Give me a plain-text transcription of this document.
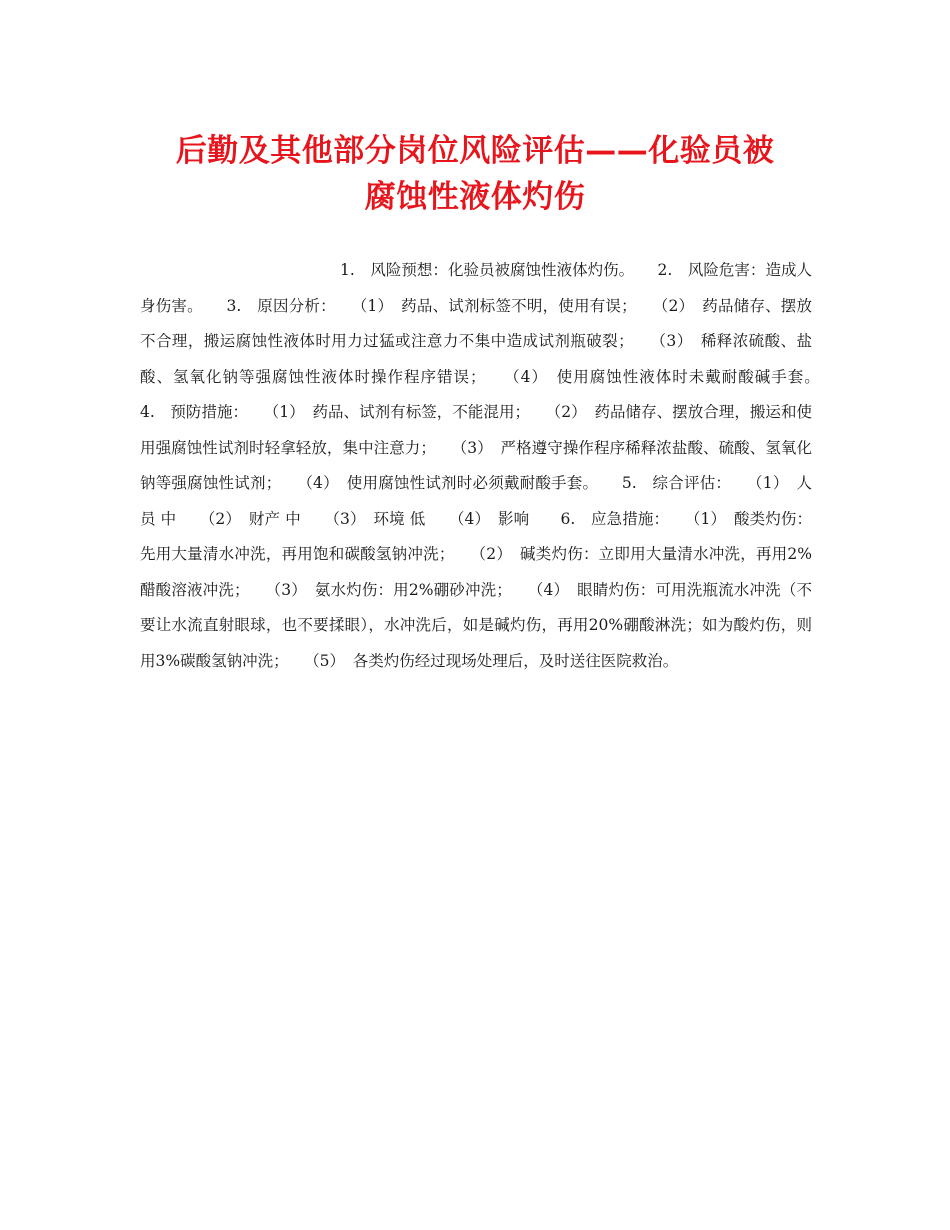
后勤及其他部分岗位风险评估——化验员被
腐蚀性液体灼伤

1.　风险预想：化验员被腐蚀性液体灼伤。　　2.　风险危害：造成人身伤害。　　3.　原因分析：　　（1）　药品、试剂标签不明，使用有误；　　（2）　药品储存、摆放不合理，搬运腐蚀性液体时用力过猛或注意力不集中造成试剂瓶破裂；　　（3）　稀释浓硫酸、盐酸、氢氧化钠等强腐蚀性液体时操作程序错误；　　（4）　使用腐蚀性液体时未戴耐酸碱手套。　　4.　预防措施：　　（1）　药品、试剂有标签，不能混用；　　（2）　药品储存、摆放合理，搬运和使用强腐蚀性试剂时轻拿轻放，集中注意力；　　（3）　严格遵守操作程序稀释浓盐酸、硫酸、氢氧化钠等强腐蚀性试剂；　　（4）　使用腐蚀性试剂时必须戴耐酸手套。　　5.　综合评估：　　（1）　人员 中　　（2）　财产 中　　（3）　环境 低　　（4）　影响　　6.　应急措施：　　（1）　酸类灼伤：先用大量清水冲洗，再用饱和碳酸氢钠冲洗；　　（2）　碱类灼伤：立即用大量清水冲洗，再用2%醋酸溶液冲洗；　　（3）　氨水灼伤：用2%硼砂冲洗；　　（4）　眼睛灼伤：可用洗瓶流水冲洗（不要让水流直射眼球，也不要揉眼），水冲洗后，如是碱灼伤，再用20%硼酸淋洗；如为酸灼伤，则用3%碳酸氢钠冲洗；　　（5）　各类灼伤经过现场处理后，及时送往医院救治。
